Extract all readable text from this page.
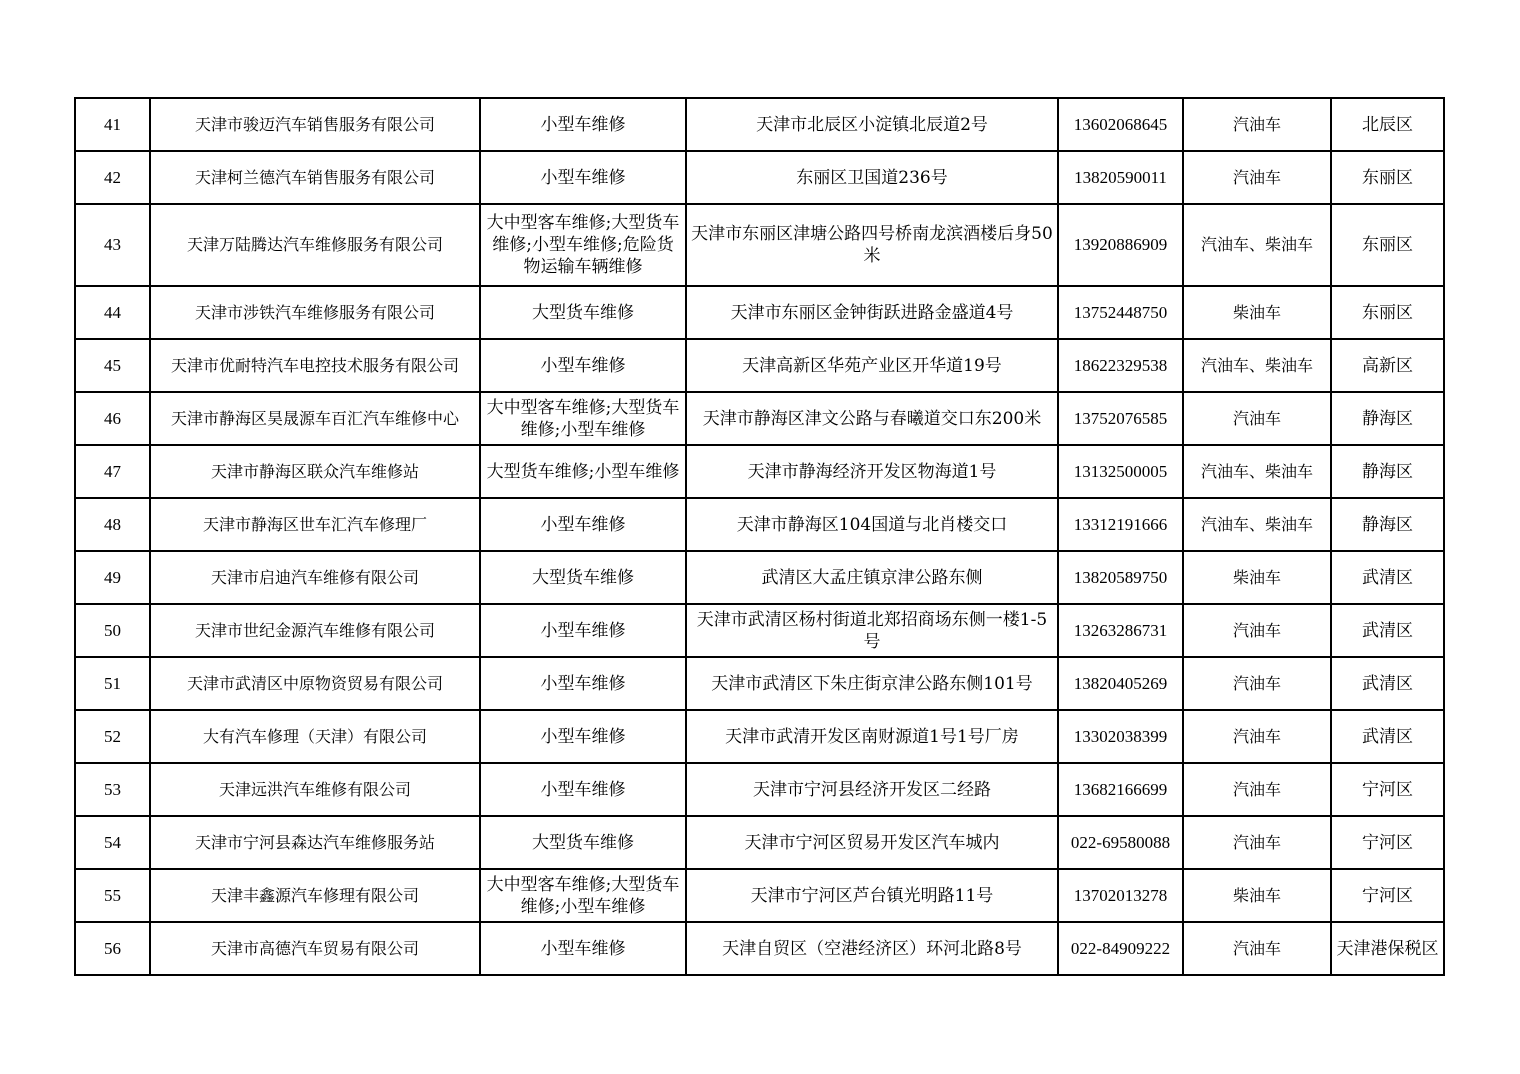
41	天津市骏迈汽车销售服务有限公司	小型车维修	天津市北辰区小淀镇北辰道2号	13602068645	汽油车	北辰区
42	天津柯兰德汽车销售服务有限公司	小型车维修	东丽区卫国道236号	13820590011	汽油车	东丽区
43	天津万陆腾达汽车维修服务有限公司	大中型客车维修;大型货车维修;小型车维修;危险货物运输车辆维修	天津市东丽区津塘公路四号桥南龙滨酒楼后身50米	13920886909	汽油车、柴油车	东丽区
44	天津市涉铁汽车维修服务有限公司	大型货车维修	天津市东丽区金钟街跃进路金盛道4号	13752448750	柴油车	东丽区
45	天津市优耐特汽车电控技术服务有限公司	小型车维修	天津高新区华苑产业区开华道19号	18622329538	汽油车、柴油车	高新区
46	天津市静海区昊晟源车百汇汽车维修中心	大中型客车维修;大型货车维修;小型车维修	天津市静海区津文公路与春曦道交口东200米	13752076585	汽油车	静海区
47	天津市静海区联众汽车维修站	大型货车维修;小型车维修	天津市静海经济开发区物海道1号	13132500005	汽油车、柴油车	静海区
48	天津市静海区世车汇汽车修理厂	小型车维修	天津市静海区104国道与北肖楼交口	13312191666	汽油车、柴油车	静海区
49	天津市启迪汽车维修有限公司	大型货车维修	武清区大孟庄镇京津公路东侧	13820589750	柴油车	武清区
50	天津市世纪金源汽车维修有限公司	小型车维修	天津市武清区杨村街道北郑招商场东侧一楼1-5号	13263286731	汽油车	武清区
51	天津市武清区中原物资贸易有限公司	小型车维修	天津市武清区下朱庄街京津公路东侧101号	13820405269	汽油车	武清区
52	大有汽车修理（天津）有限公司	小型车维修	天津市武清开发区南财源道1号1号厂房	13302038399	汽油车	武清区
53	天津远洪汽车维修有限公司	小型车维修	天津市宁河县经济开发区二经路	13682166699	汽油车	宁河区
54	天津市宁河县森达汽车维修服务站	大型货车维修	天津市宁河区贸易开发区汽车城内	022-69580088	汽油车	宁河区
55	天津丰鑫源汽车修理有限公司	大中型客车维修;大型货车维修;小型车维修	天津市宁河区芦台镇光明路11号	13702013278	柴油车	宁河区
56	天津市高德汽车贸易有限公司	小型车维修	天津自贸区（空港经济区）环河北路8号	022-84909222	汽油车	天津港保税区
